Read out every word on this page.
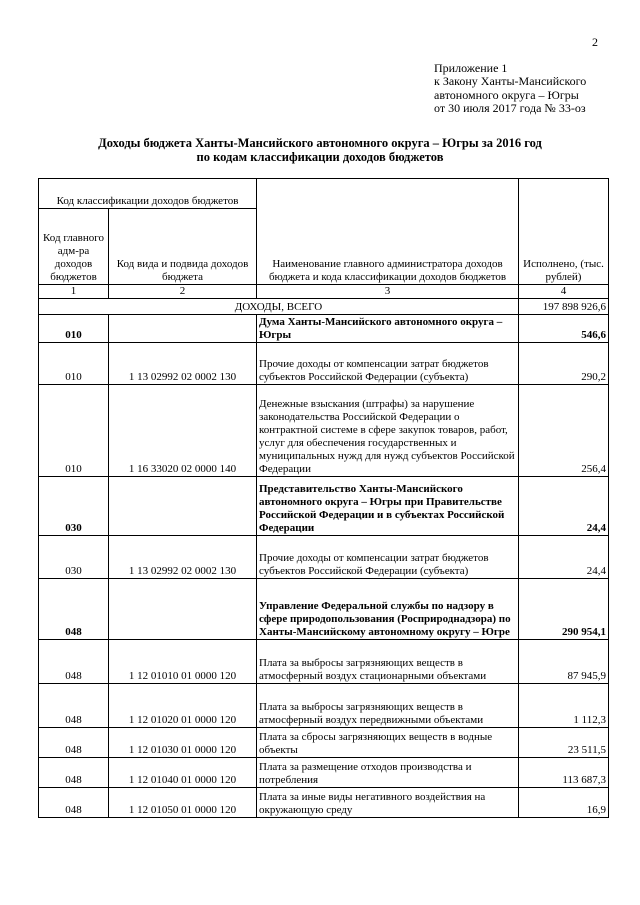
2
Приложение 1
к Закону Ханты-Мансийского
автономного округа – Югры
от 30 июля 2017 года № 33-оз
Доходы бюджета Ханты-Мансийского автономного округа – Югры за 2016 год
по кодам классификации доходов бюджетов
Код классификации доходов бюджетов		Наименование главного администратора доходов бюджета и кода классификации доходов бюджетов	Исполнено, (тыс. рублей)
Код главного адм-ра доходов бюджетов	Код вида и подвида доходов бюджета		
1	2	3	4
ДОХОДЫ, ВСЕГО			197 898 926,6
010		Дума Ханты-Мансийского автономного округа – Югры	546,6
010	1 13 02992 02 0002 130	Прочие доходы от компенсации затрат бюджетов субъектов Российской Федерации (субъекта)	290,2
010	1 16 33020 02 0000 140	Денежные взыскания (штрафы) за нарушение законодательства Российской Федерации о контрактной системе в сфере закупок товаров, работ, услуг для обеспечения государственных и муниципальных нужд для нужд субъектов Российской Федерации	256,4
030		Представительство Ханты-Мансийского автономного округа – Югры при Правительстве Российской Федерации и в субъектах Российской Федерации	24,4
030	1 13 02992 02 0002 130	Прочие доходы от компенсации затрат бюджетов субъектов Российской Федерации (субъекта)	24,4
048		Управление Федеральной службы по надзору в сфере природопользования (Росприроднадзора) по Ханты-Мансийскому автономному округу – Югре	290 954,1
048	1 12 01010 01 0000 120	Плата за выбросы загрязняющих веществ в атмосферный воздух стационарными объектами	87 945,9
048	1 12 01020 01 0000 120	Плата за выбросы загрязняющих веществ в атмосферный воздух передвижными объектами	1 112,3
048	1 12 01030 01 0000 120	Плата за сбросы загрязняющих веществ в водные объекты	23 511,5
048	1 12 01040 01 0000 120	Плата за размещение отходов производства и потребления	113 687,3
048	1 12 01050 01 0000 120	Плата за иные виды негативного воздействия на окружающую среду	16,9
